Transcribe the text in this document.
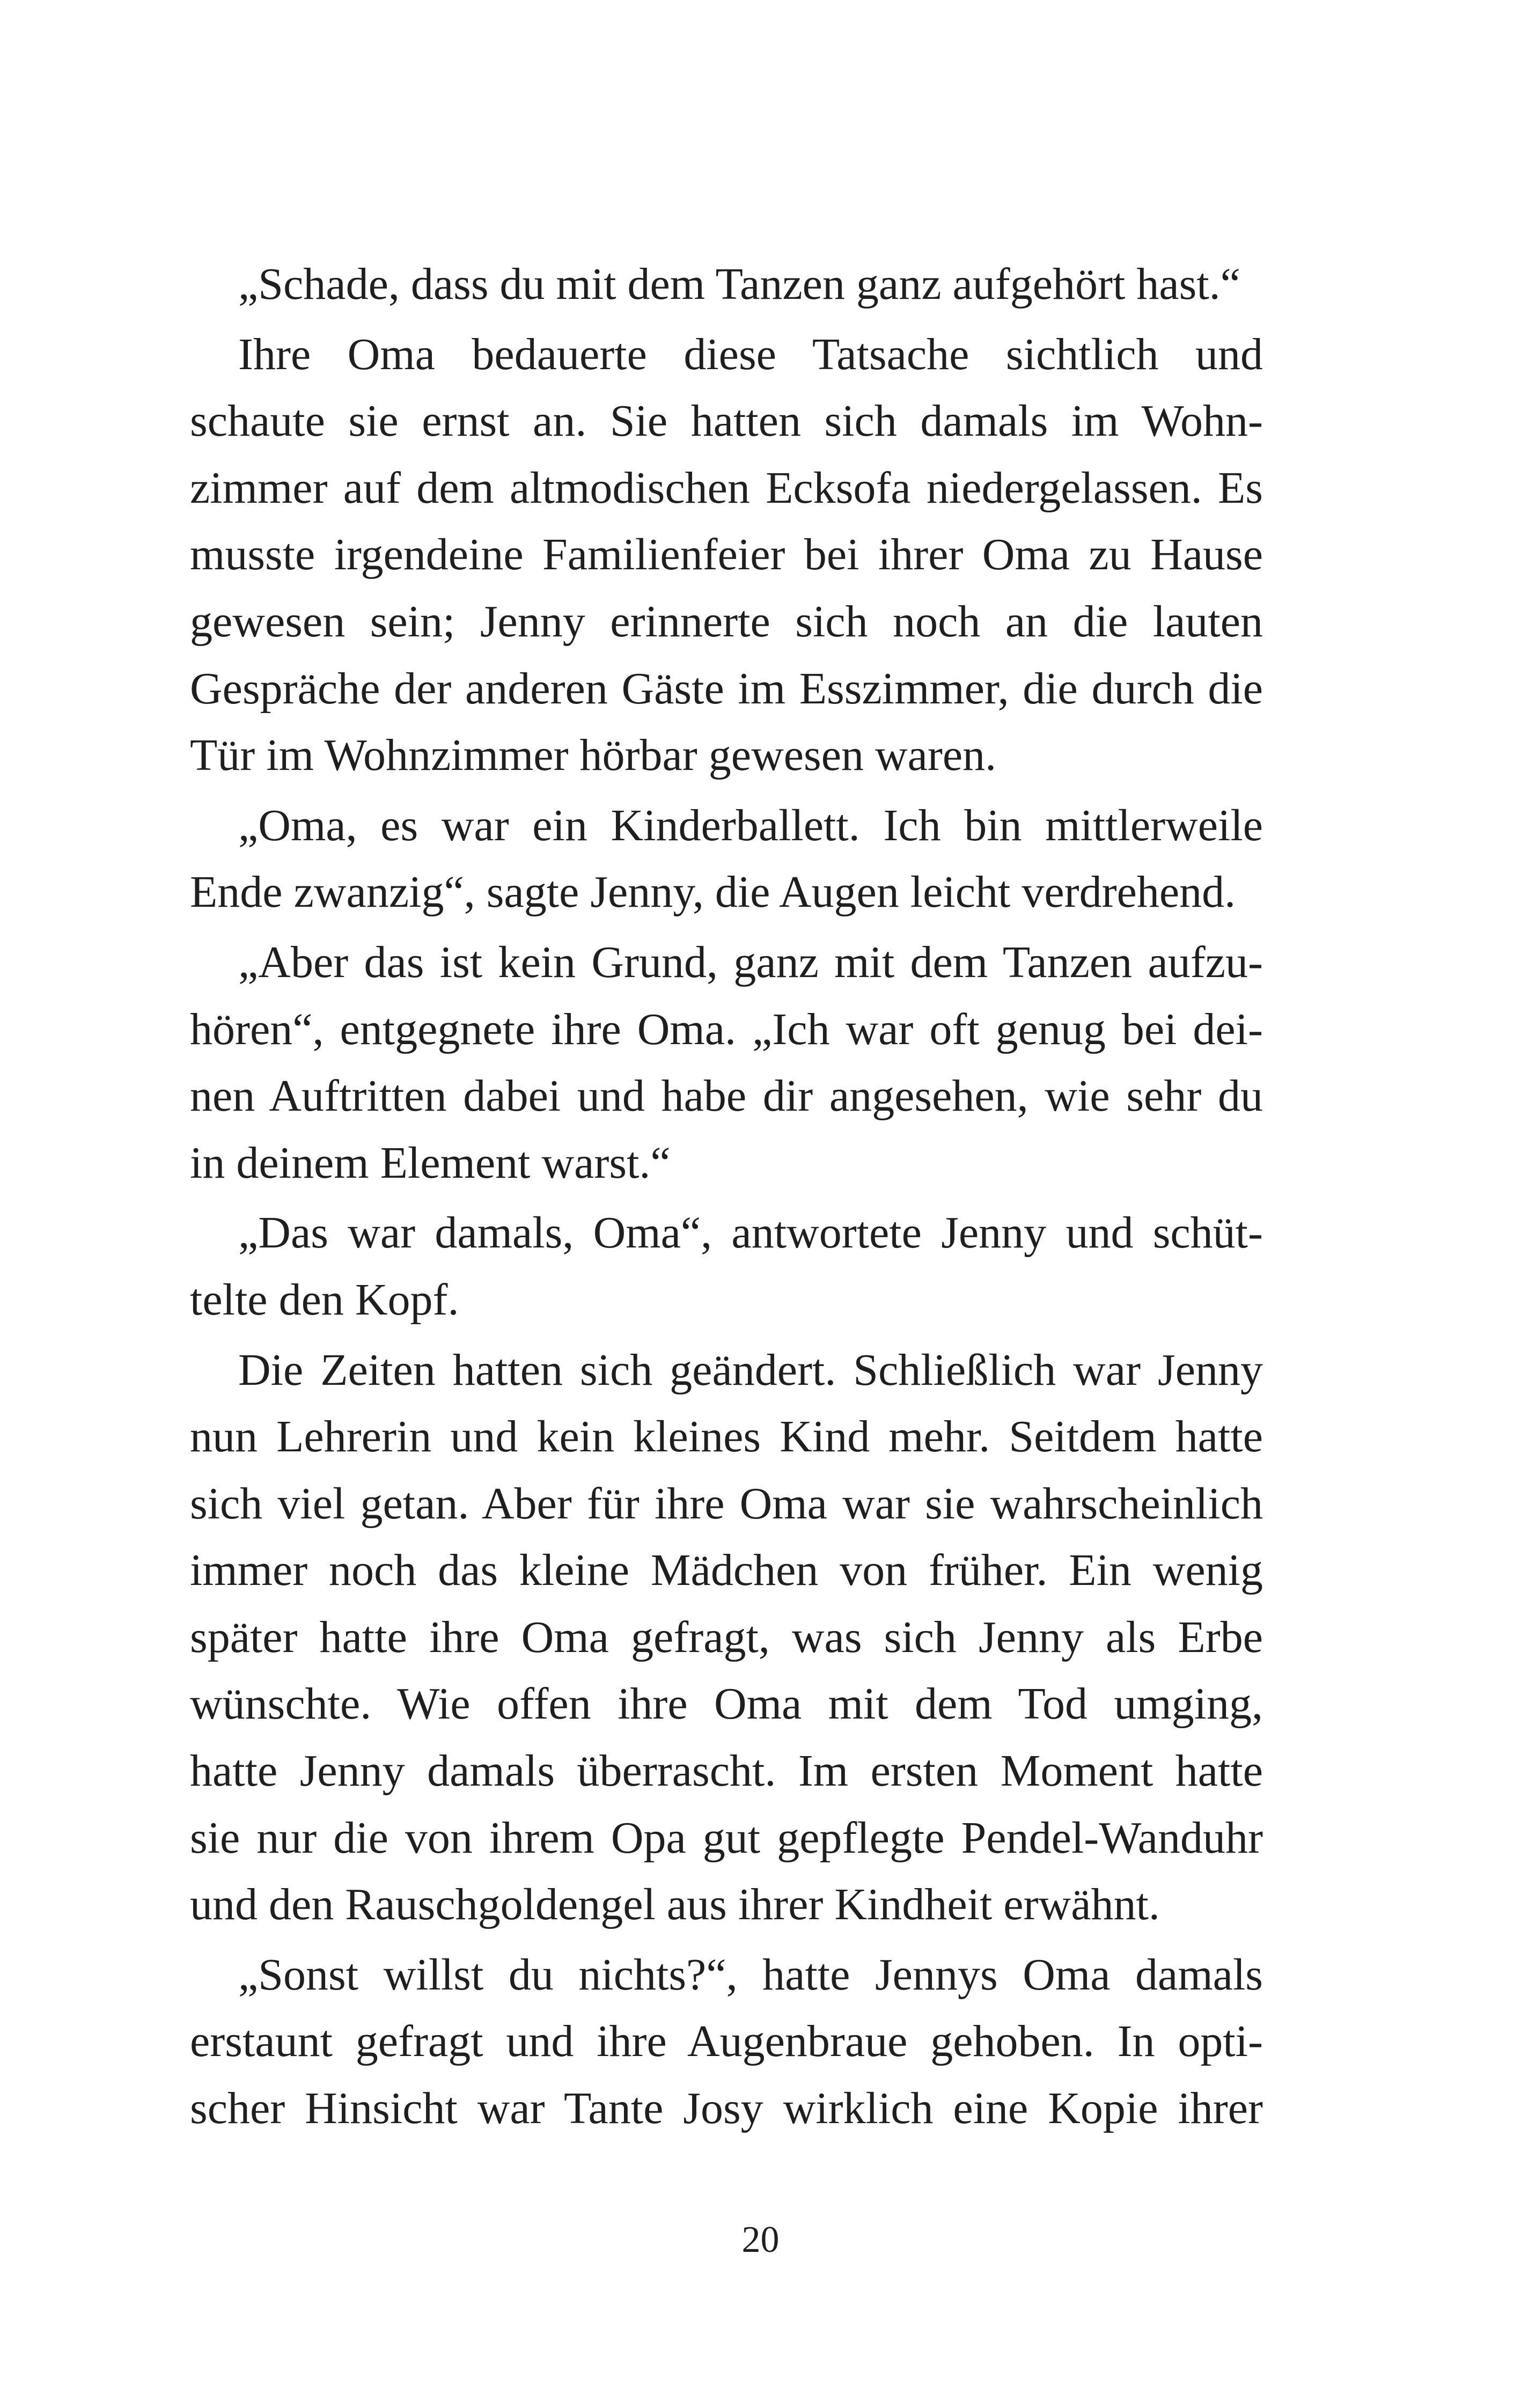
„Schade, dass du mit dem Tanzen ganz aufgehört hast.“
Ihre Oma bedauerte diese Tatsache sichtlich und
schaute sie ernst an. Sie hatten sich damals im Wohn-
zimmer auf dem altmodischen Ecksofa niedergelassen. Es
musste irgendeine Familienfeier bei ihrer Oma zu Hause
gewesen sein; Jenny erinnerte sich noch an die lauten
Gespräche der anderen Gäste im Esszimmer, die durch die
Tür im Wohnzimmer hörbar gewesen waren.
„Oma, es war ein Kinderballett. Ich bin mittlerweile
Ende zwanzig“, sagte Jenny, die Augen leicht verdrehend.
„Aber das ist kein Grund, ganz mit dem Tanzen aufzu-
hören“, entgegnete ihre Oma. „Ich war oft genug bei dei-
nen Auftritten dabei und habe dir angesehen, wie sehr du
in deinem Element warst.“
„Das war damals, Oma“, antwortete Jenny und schüt-
telte den Kopf.
Die Zeiten hatten sich geändert. Schließlich war Jenny
nun Lehrerin und kein kleines Kind mehr. Seitdem hatte
sich viel getan. Aber für ihre Oma war sie wahrscheinlich
immer noch das kleine Mädchen von früher. Ein wenig
später hatte ihre Oma gefragt, was sich Jenny als Erbe
wünschte. Wie offen ihre Oma mit dem Tod umging,
hatte Jenny damals überrascht. Im ersten Moment hatte
sie nur die von ihrem Opa gut gepflegte Pendel-Wanduhr
und den Rauschgoldengel aus ihrer Kindheit erwähnt.
„Sonst willst du nichts?“, hatte Jennys Oma damals
erstaunt gefragt und ihre Augenbraue gehoben. In opti-
scher Hinsicht war Tante Josy wirklich eine Kopie ihrer
20
